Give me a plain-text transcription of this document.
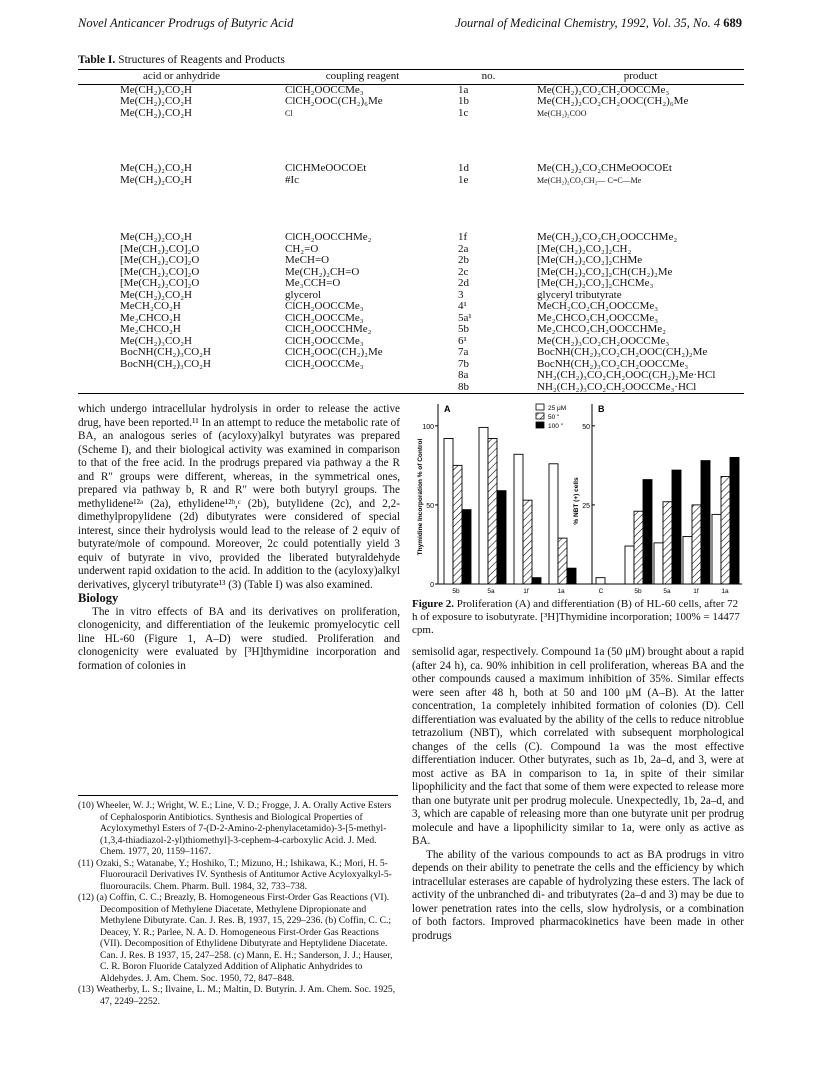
Novel Anticancer Prodrugs of Butyric Acid	Journal of Medicinal Chemistry, 1992, Vol. 35, No. 4 689
Table I. Structures of Reagents and Products
acid or anhydride	coupling reagent	no.	product
Me(CH₂)₂CO₂H	ClCH₂OOCCMe₃	1a	Me(CH₂)₂CO₂CH₂OOCCMe₃
Me(CH₂)₂CO₂H	ClCH₂OOC(CH₂)₆Me	1b	Me(CH₂)₂CO₂CH₂OOC(CH₂)₆Me
Me(CH₂)₂CO₂H	Cl	1c	Me(CH₂)₂COO
Me(CH₂)₂CO₂H	ClCHMeOOCOEt	1d	Me(CH₂)₂CO₂CHMeOOCOEt
Me(CH₂)₂CO₂H	#Ic	1e	Me(CH₂)₂CO₂CH₂— C=C—Me
Me(CH₂)₂CO₂H	ClCH₂OOCCHMe₂	1f	Me(CH₂)₂CO₂CH₂OOCCHMe₂
[Me(CH₂)₂CO]₂O	CH₂=O	2a	[Me(CH₂)₂CO₂]₂CH₂
[Me(CH₂)₂CO]₂O	MeCH=O	2b	[Me(CH₂)₂CO₂]₂CHMe
[Me(CH₂)₂CO]₂O	Me(CH₂)₂CH=O	2c	[Me(CH₂)₂CO₂]₂CH(CH₂)₂Me
[Me(CH₂)₂CO]₂O	Me₃CCH=O	2d	[Me(CH₂)₂CO₂]₂CHCMe₃
Me(CH₂)₂CO₂H	glycerol	3	glyceryl tributyrate
MeCH₂CO₂H	ClCH₂OOCCMe₃	4¹	MeCH₂CO₂CH₂OOCCMe₃
Me₂CHCO₂H	ClCH₂OOCCMe₃	5a¹	Me₂CHCO₂CH₂OOCCMe₃
Me₂CHCO₂H	ClCH₂OOCCHMe₂	5b	Me₂CHCO₂CH₂OOCCHMe₂
Me(CH₂)₃CO₂H	ClCH₂OOCCMe₃	6¹	Me(CH₂)₃CO₂CH₂OOCCMe₃
BocNH(CH₂)₃CO₂H	ClCH₂OOC(CH₂)₂Me	7a	BocNH(CH₂)₃CO₂CH₂OOC(CH₂)₂Me
BocNH(CH₂)₃CO₂H	ClCH₂OOCCMe₃	7b	BocNH(CH₂)₃CO₂CH₂OOCCMe₃
		8a	NH₂(CH₂)₃CO₂CH₂OOC(CH₂)₂Me·HCl
		8b	NH₂(CH₂)₃CO₂CH₂OOCCMe₃·HCl

which undergo intracellular hydrolysis in order to release the active drug, have been reported.¹¹ In an attempt to reduce the metabolic rate of BA, an analogous series of (acyloxy)alkyl butyrates was prepared (Scheme I), and their biological activity was examined in comparison to that of the free acid. In the prodrugs prepared via pathway a the R and R″ groups were different, whereas, in the symmetrical ones, prepared via pathway b, R and R″ were both butyryl groups. The methylidene¹²ᵃ (2a), ethylidene¹²ᵇ,ᶜ (2b), butylidene (2c), and 2,2-dimethylpropylidene (2d) dibutyrates were considered of special interest, since their hydrolysis would lead to the release of 2 equiv of butyrate/mole of compound. Moreover, 2c could potentially yield 3 equiv of butyrate in vivo, provided the liberated butyraldehyde underwent rapid oxidation to the acid. In addition to the (acyloxy)alkyl derivatives, glyceryl tributyrate¹³ (3) (Table I) was also examined.

Biology

The in vitro effects of BA and its derivatives on proliferation, clonogenicity, and differentiation of the leukemic promyelocytic cell line HL-60 (Figure 1, A–D) were studied. Proliferation and clonogenicity were evaluated by [³H]thymidine incorporation and formation of colonies in

(10) Wheeler, W. J.; Wright, W. E.; Line, V. D.; Frogge, J. A. Orally Active Esters of Cephalosporin Antibiotics. Synthesis and Biological Properties of Acyloxymethyl Esters of 7-(D-2-Amino-2-phenylacetamido)-3-[5-methyl-(1,3,4-thiadiazol-2-yl)thiomethyl]-3-cephem-4-carboxylic Acid. J. Med. Chem. 1977, 20, 1159–1167.

(11) Ozaki, S.; Watanabe, Y.; Hoshiko, T.; Mizuno, H.; Ishikawa, K.; Mori, H. 5-Fluorouracil Derivatives IV. Synthesis of Antitumor Active Acyloxyalkyl-5-fluorouracils. Chem. Pharm. Bull. 1984, 32, 733–738.

(12) (a) Coffin, C. C.; Breazly, B. Homogeneous First-Order Gas Reactions (VI). Decomposition of Methylene Diacetate, Methylene Dipropionate and Methylene Dibutyrate. Can. J. Res. B, 1937, 15, 229–236. (b) Coffin, C. C.; Deacey, Y. R.; Parlee, N. A. D. Homogeneous First-Order Gas Reactions (VII). Decomposition of Ethylidene Dibutyrate and Heptylidene Diacetate. Can. J. Res. B 1937, 15, 247–258. (c) Mann, E. H.; Sanderson, J. J.; Hauser, C. R. Boron Fluoride Catalyzed Addition of Aliphatic Anhydrides to Aldehydes. J. Am. Chem. Soc. 1950, 72, 847–848.

(13) Weatherby, L. S.; Ilvaine, L. M.; Maltin, D. Butyrin. J. Am. Chem. Soc. 1925, 47, 2249–2252.

A	B
0
50
100
25
50
Thymidine Incorporation % of Control	% NBT (+) cells
5b	5a	1f	1a	C	5b	5a	1f	1a
25 μM
50 "
100 "
Figure 2. Proliferation (A) and differentiation (B) of HL-60 cells, after 72 h of exposure to isobutyrate. [³H]Thymidine incorporation; 100% = 14477 cpm.

semisolid agar, respectively. Compound 1a (50 μM) brought about a rapid (after 24 h), ca. 90% inhibition in cell proliferation, whereas BA and the other compounds caused a maximum inhibition of 35%. Similar effects were seen after 48 h, both at 50 and 100 μM (A–B). At the latter concentration, 1a completely inhibited formation of colonies (D). Cell differentiation was evaluated by the ability of the cells to reduce nitroblue tetrazolium (NBT), which correlated with subsequent morphological changes of the cells (C). Compound 1a was the most effective differentiation inducer. Other butyrates, such as 1b, 2a–d, and 3, were at most active as BA in comparison to 1a, in spite of their similar lipophilicity and the fact that some of them were expected to release more than one butyrate unit per prodrug molecule. Unexpectedly, 1b, 2a–d, and 3, which are capable of releasing more than one butyrate unit per prodrug molecule and have a lipophilicity similar to 1a, were only as active as BA.

The ability of the various compounds to act as BA prodrugs in vitro depends on their ability to penetrate the cells and the efficiency by which intracellular esterases are capable of hydrolyzing these esters. The lack of activity of the unbranched di- and tributyrates (2a–d and 3) may be due to lower penetration rates into the cells, slow hydrolysis, or a combination of both factors. Improved pharmacokinetics have been made in other prodrugs
